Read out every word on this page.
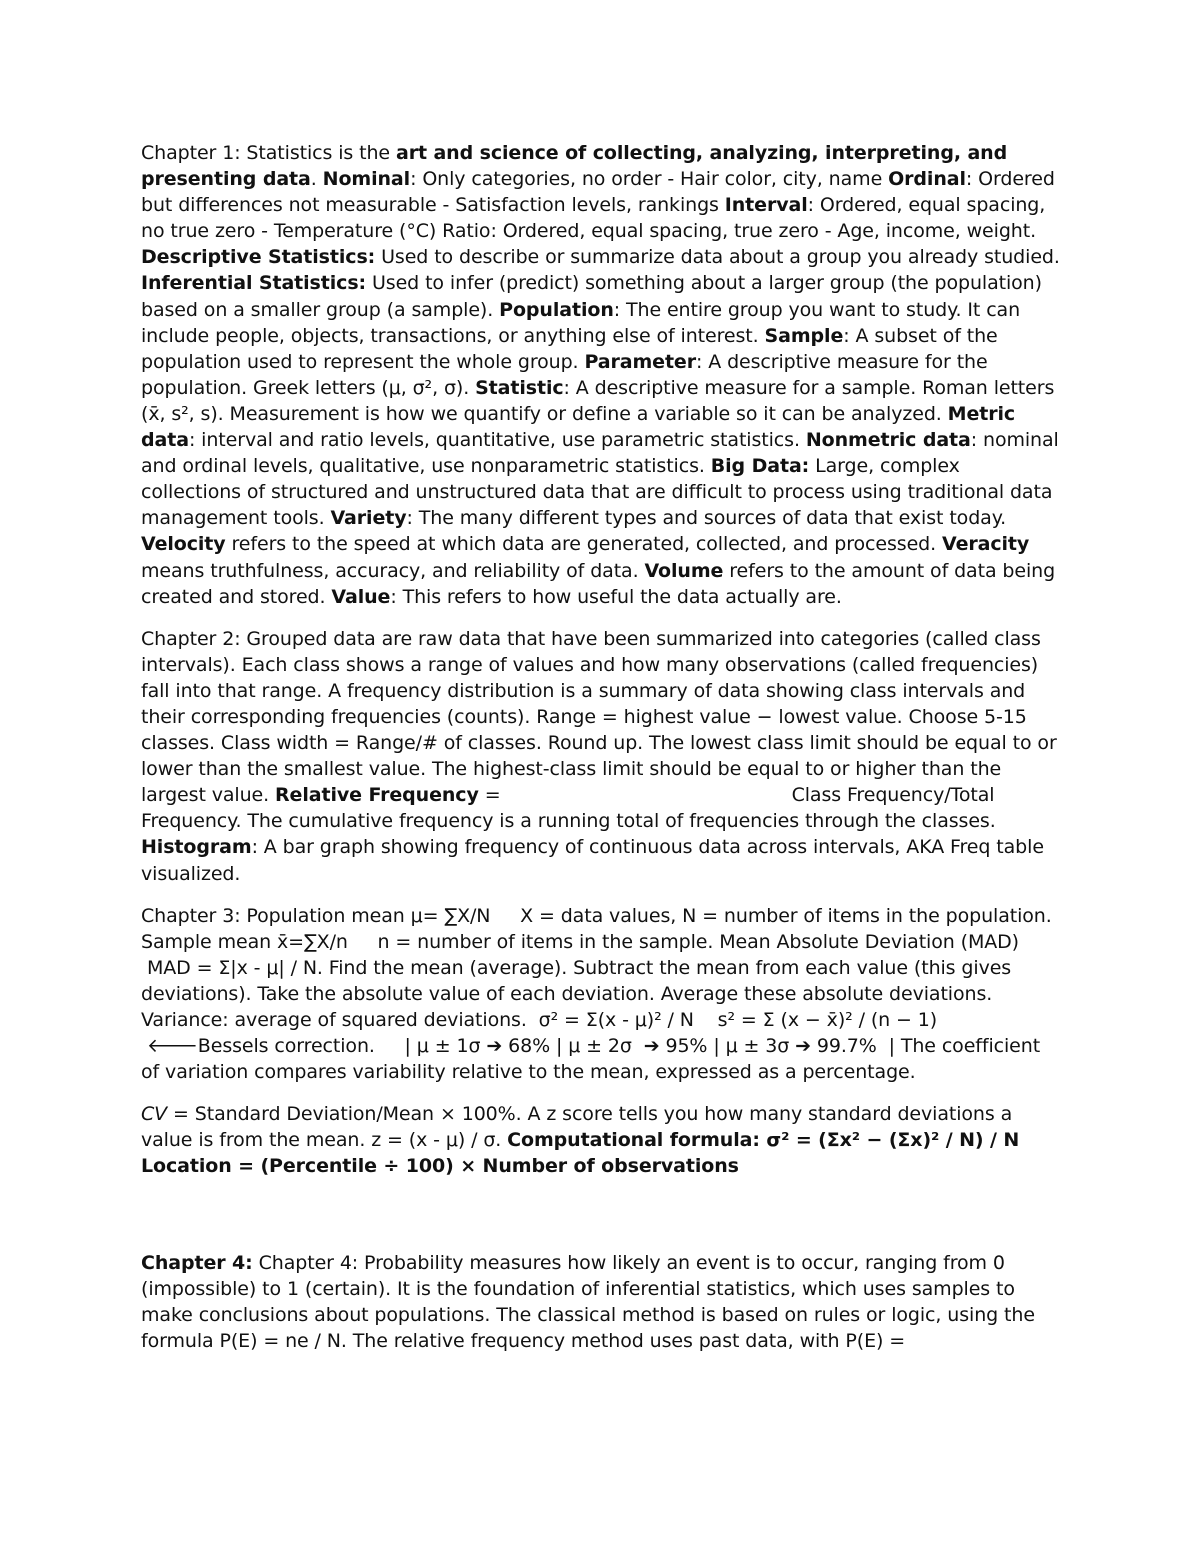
Chapter 1: Statistics is the art and science of collecting, analyzing, interpreting, and presenting data. Nominal: Only categories, no order - Hair color, city, name Ordinal: Ordered but differences not measurable - Satisfaction levels, rankings Interval: Ordered, equal spacing, no true zero - Temperature (°C) Ratio: Ordered, equal spacing, true zero - Age, income, weight. Descriptive Statistics: Used to describe or summarize data about a group you already studied. Inferential Statistics: Used to infer (predict) something about a larger group (the population) based on a smaller group (a sample). Population: The entire group you want to study. It can include people, objects, transactions, or anything else of interest. Sample: A subset of the population used to represent the whole group. Parameter: A descriptive measure for the population. Greek letters (μ, σ², σ). Statistic: A descriptive measure for a sample. Roman letters (x̄, s², s). Measurement is how we quantify or define a variable so it can be analyzed. Metric data: interval and ratio levels, quantitative, use parametric statistics. Nonmetric data: nominal and ordinal levels, qualitative, use nonparametric statistics. Big Data: Large, complex collections of structured and unstructured data that are difficult to process using traditional data management tools. Variety: The many different types and sources of data that exist today. Velocity refers to the speed at which data are generated, collected, and processed. Veracity means truthfulness, accuracy, and reliability of data. Volume refers to the amount of data being created and stored. Value: This refers to how useful the data actually are.

Chapter 2: Grouped data are raw data that have been summarized into categories (called class intervals). Each class shows a range of values and how many observations (called frequencies) fall into that range. A frequency distribution is a summary of data showing class intervals and their corresponding frequencies (counts). Range = highest value − lowest value. Choose 5-15 classes. Class width = Range/# of classes. Round up. The lowest class limit should be equal to or lower than the smallest value. The highest-class limit should be equal to or higher than the largest value. Relative Frequency =                                                 Class Frequency/Total Frequency. The cumulative frequency is a running total of frequencies through the classes. Histogram: A bar graph showing frequency of continuous data across intervals, AKA Freq table visualized.

Chapter 3: Population mean μ= ∑X/N     X = data values, N = number of items in the population. Sample mean x̄=∑X/n     n = number of items in the sample. Mean Absolute Deviation (MAD)  MAD = Σ|x - μ| / N. Find the mean (average). Subtract the mean from each value (this gives deviations). Take the absolute value of each deviation. Average these absolute deviations. Variance: average of squared deviations.  σ² = Σ(x - μ)² / N    s² = Σ (x − x̄)² / (n − 1)  🡐Bessels correction.     | μ ± 1σ ➔ 68% | μ ± 2σ  ➔ 95% | μ ± 3σ ➔ 99.7%  | The coefficient of variation compares variability relative to the mean, expressed as a percentage.

CV = Standard Deviation/Mean × 100%. A z score tells you how many standard deviations a value is from the mean. z = (x - μ) / σ. Computational formula: σ² = (Σx² − (Σx)² / N) / N Location = (Percentile ÷ 100) × Number of observations

Chapter 4: Chapter 4: Probability measures how likely an event is to occur, ranging from 0 (impossible) to 1 (certain). It is the foundation of inferential statistics, which uses samples to make conclusions about populations. The classical method is based on rules or logic, using the formula P(E) = ne / N. The relative frequency method uses past data, with P(E) =
